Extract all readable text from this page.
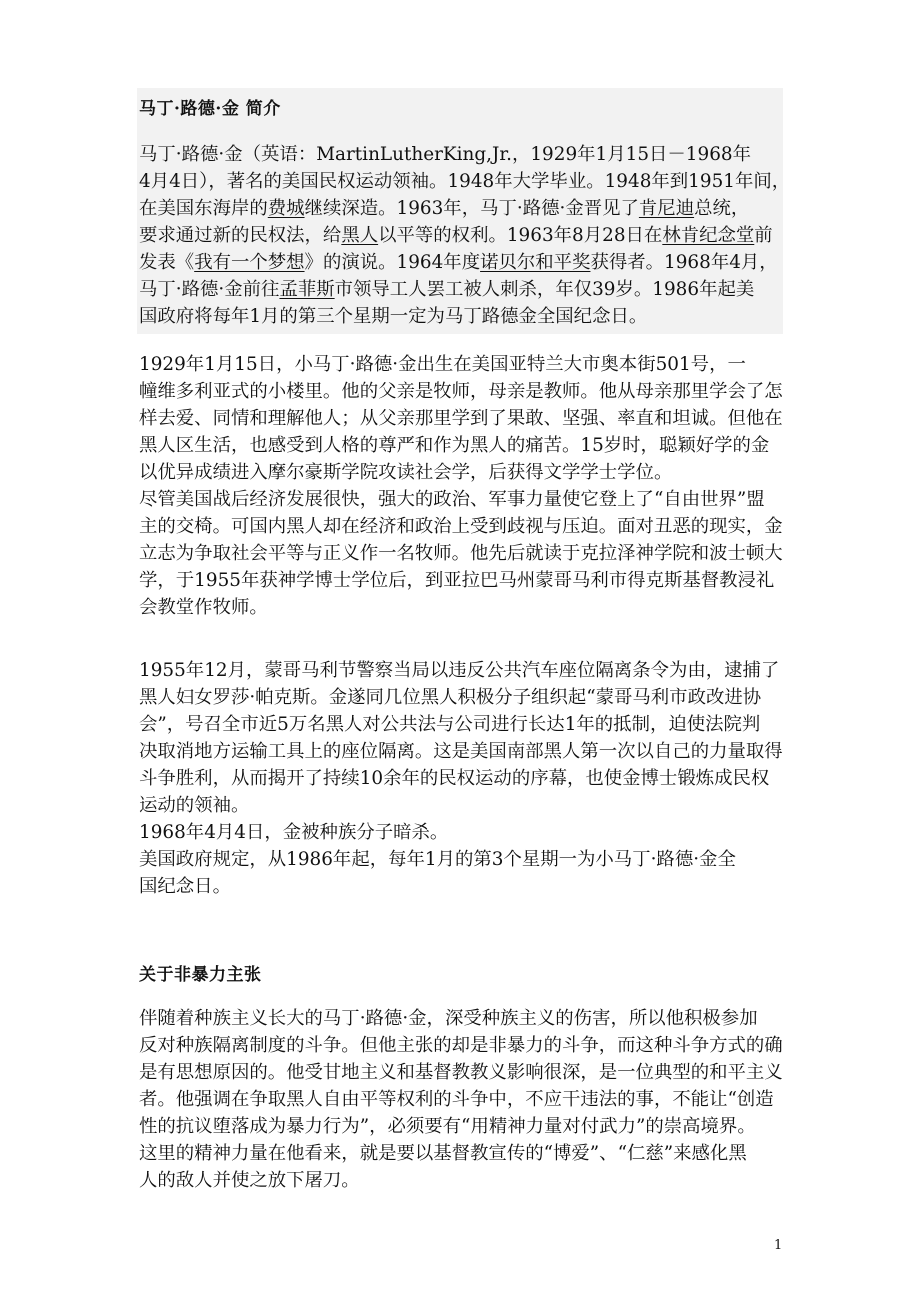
马丁·路德·金 简介
马丁·路德·金（英语：MartinLutherKing,Jr.，1929年1月15日－1968年
4月4日），著名的美国民权运动领袖。1948年大学毕业。1948年到1951年间，
在美国东海岸的费城继续深造。1963年，马丁·路德·金晋见了肯尼迪总统，
要求通过新的民权法，给黑人以平等的权利。1963年8月28日在林肯纪念堂前
发表《我有一个梦想》的演说。1964年度诺贝尔和平奖获得者。1968年4月，
马丁·路德·金前往孟菲斯市领导工人罢工被人刺杀，年仅39岁。1986年起美
国政府将每年1月的第三个星期一定为马丁路德金全国纪念日。
1929年1月15日，小马丁·路德·金出生在美国亚特兰大市奥本街501号，一
幢维多利亚式的小楼里。他的父亲是牧师，母亲是教师。他从母亲那里学会了怎
样去爱、同情和理解他人；从父亲那里学到了果敢、坚强、率直和坦诚。但他在
黑人区生活，也感受到人格的尊严和作为黑人的痛苦。15岁时，聪颖好学的金
以优异成绩进入摩尔豪斯学院攻读社会学，后获得文学学士学位。
尽管美国战后经济发展很快，强大的政治、军事力量使它登上了“自由世界”盟
主的交椅。可国内黑人却在经济和政治上受到歧视与压迫。面对丑恶的现实，金
立志为争取社会平等与正义作一名牧师。他先后就读于克拉泽神学院和波士顿大
学，于1955年获神学博士学位后，到亚拉巴马州蒙哥马利市得克斯基督教浸礼
会教堂作牧师。
1955年12月，蒙哥马利节警察当局以违反公共汽车座位隔离条令为由，逮捕了
黑人妇女罗莎·帕克斯。金遂同几位黑人积极分子组织起“蒙哥马利市政改进协
会”，号召全市近5万名黑人对公共法与公司进行长达1年的抵制，迫使法院判
决取消地方运输工具上的座位隔离。这是美国南部黑人第一次以自己的力量取得
斗争胜利，从而揭开了持续10余年的民权运动的序幕，也使金博士锻炼成民权
运动的领袖。
1968年4月4日，金被种族分子暗杀。
美国政府规定，从1986年起，每年1月的第3个星期一为小马丁·路德·金全
国纪念日。
关于非暴力主张
伴随着种族主义长大的马丁·路德·金，深受种族主义的伤害，所以他积极参加
反对种族隔离制度的斗争。但他主张的却是非暴力的斗争，而这种斗争方式的确
是有思想原因的。他受甘地主义和基督教教义影响很深，是一位典型的和平主义
者。他强调在争取黑人自由平等权利的斗争中，不应干违法的事，不能让“创造
性的抗议堕落成为暴力行为”，必须要有“用精神力量对付武力”的崇高境界。
这里的精神力量在他看来，就是要以基督教宣传的“博爱”、“仁慈”来感化黑
人的敌人并使之放下屠刀。
1
